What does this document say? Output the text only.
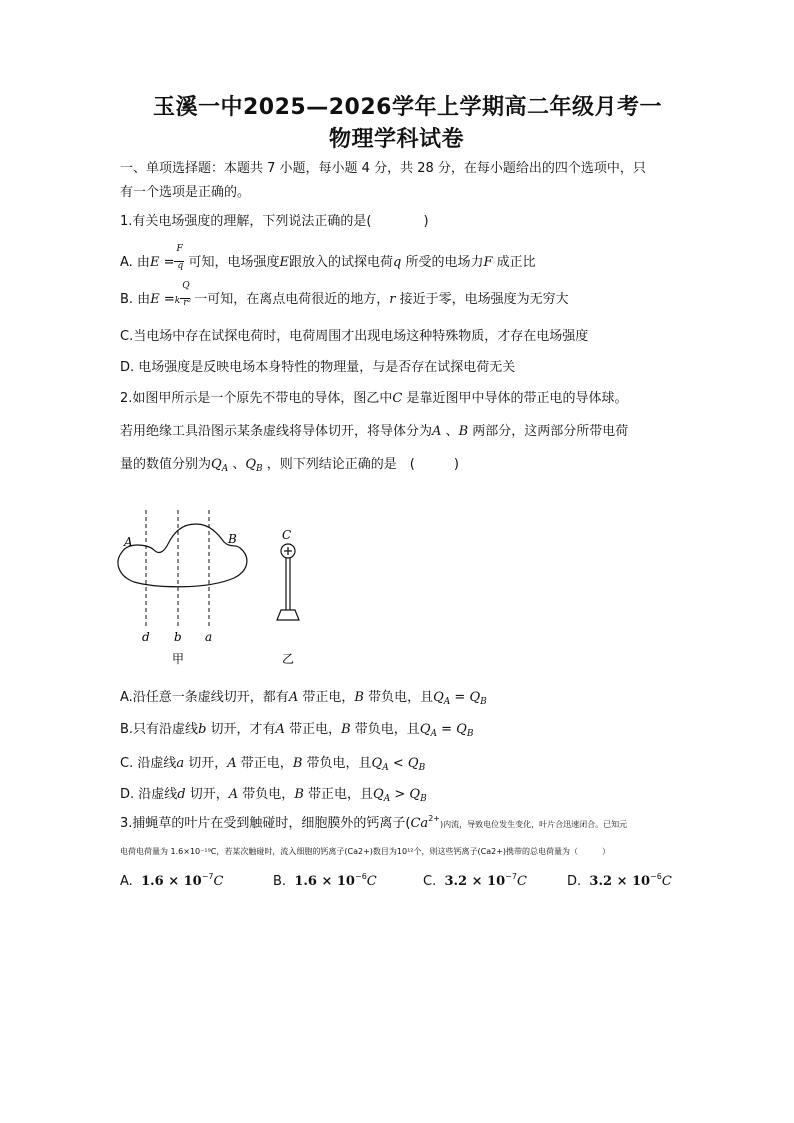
玉溪一中2025—2026学年上学期高二年级月考一
物理学科试卷
一、单项选择题：本题共 7 小题，每小题 4 分，共 28 分，在每小题给出的四个选项中，只
有一个选项是正确的。
1.有关电场强度的理解，下列说法正确的是(　　　　)
A. 由$E = \frac{F}{q}$ 可知，电场强度E跟放入的试探电荷q 所受的电场力F 成正比
B. 由$E =k \frac{Q}{\text{r²}}$ 一可知，在离点电荷很近的地方，r 接近于零，电场强度为无穷大
C.当电场中存在试探电荷时，电荷周围才出现电场这种特殊物质，才存在电场强度
D. 电场强度是反映电场本身特性的物理量，与是否存在试探电荷无关
2.如图甲所示是一个原先不带电的导体，图乙中C 是靠近图甲中导体的带正电的导体球。
若用绝缘工具沿图示某条虚线将导体切开，将导体分为A 、B 两部分，这两部分所带电荷
量的数值分别为$Q_A$ 、$Q_B$ ，则下列结论正确的是　(　　　)
A	B
d b a
甲
C
乙
A.沿任意一条虚线切开，都有A 带正电，B 带负电，且$Q_A = Q_B$
B.只有沿虚线b 切开，才有A 带正电，B 带负电，且$Q_A = Q_B$
C. 沿虚线a 切开，A 带正电，B 带负电，且$Q_A < Q_B$
D. 沿虚线d 切开，A 带负电，B 带正电，且$Q_A > Q_B$
3.捕蝇草的叶片在受到触碰时，细胞膜外的钙离子$(Ca^{2+})$内流，导致电位发生变化，叶片合迅速闭合。已知元
电荷电荷量为 1.6×10⁻¹⁹C，若某次触碰时，流入细胞的钙离子(Ca2+)数目为10¹²个，则这些钙离子(Ca2+)携带的总电荷量为（　　　）
A. $1.6 \times 10^{-7}C$	B. $1.6 \times 10^{-6}C$	C. $3.2 \times 10^{-7}C$	D. $3.2 \times 10^{-6}C$
